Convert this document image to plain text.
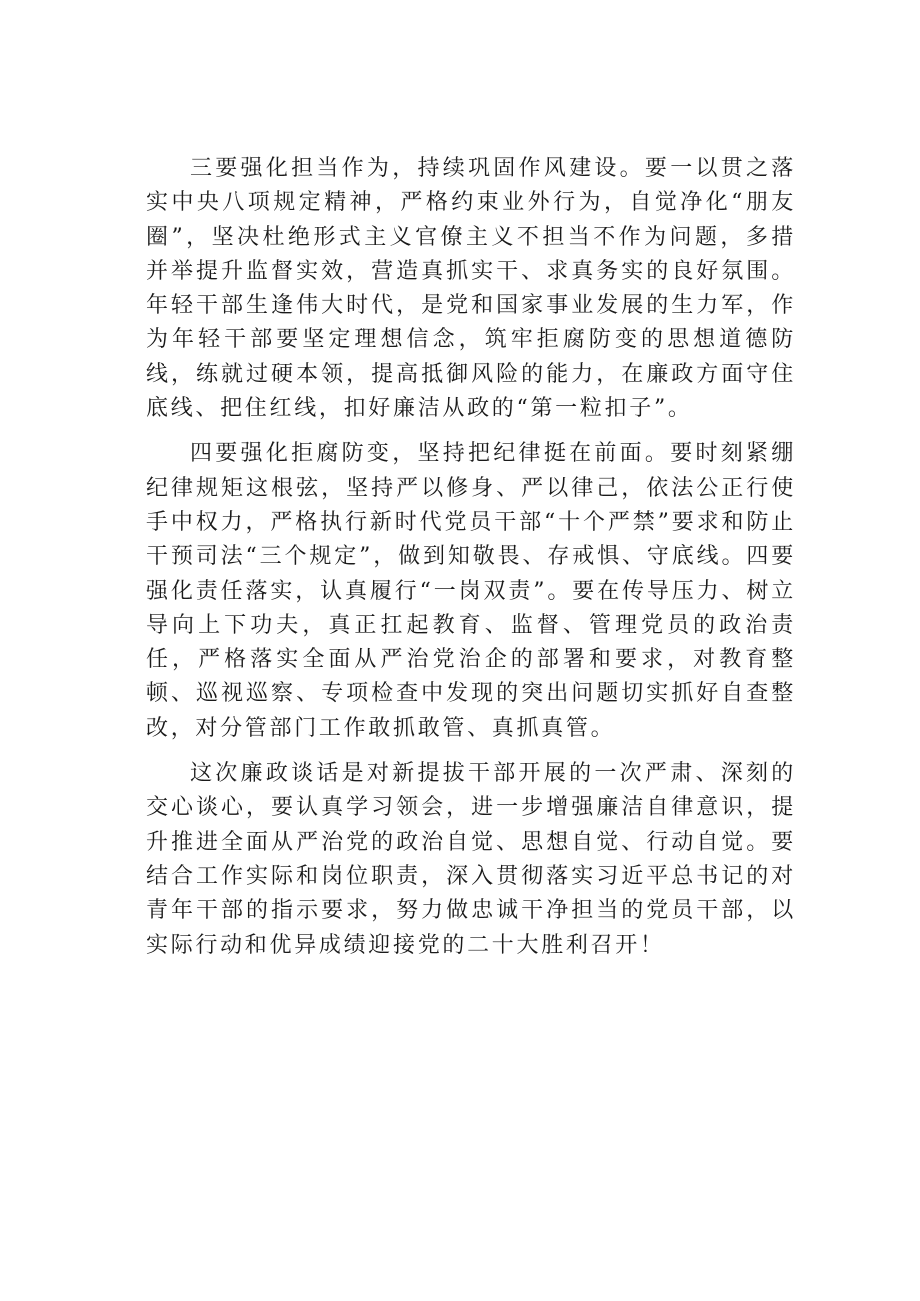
三要强化担当作为，持续巩固作风建设。要一以贯之落实中央八项规定精神，严格约束业外行为，自觉净化“朋友圈”，坚决杜绝形式主义官僚主义不担当不作为问题，多措并举提升监督实效，营造真抓实干、求真务实的良好氛围。年轻干部生逢伟大时代，是党和国家事业发展的生力军，作为年轻干部要坚定理想信念，筑牢拒腐防变的思想道德防线，练就过硬本领，提高抵御风险的能力，在廉政方面守住底线、把住红线，扣好廉洁从政的“第一粒扣子”。

四要强化拒腐防变，坚持把纪律挺在前面。要时刻紧绷纪律规矩这根弦，坚持严以修身、严以律己，依法公正行使手中权力，严格执行新时代党员干部“十个严禁”要求和防止干预司法“三个规定”，做到知敬畏、存戒惧、守底线。四要强化责任落实，认真履行“一岗双责”。要在传导压力、树立导向上下功夫，真正扛起教育、监督、管理党员的政治责任，严格落实全面从严治党治企的部署和要求，对教育整顿、巡视巡察、专项检查中发现的突出问题切实抓好自查整改，对分管部门工作敢抓敢管、真抓真管。

这次廉政谈话是对新提拔干部开展的一次严肃、深刻的交心谈心，要认真学习领会，进一步增强廉洁自律意识，提升推进全面从严治党的政治自觉、思想自觉、行动自觉。要结合工作实际和岗位职责，深入贯彻落实习近平总书记的对青年干部的指示要求，努力做忠诚干净担当的党员干部，以实际行动和优异成绩迎接党的二十大胜利召开！
